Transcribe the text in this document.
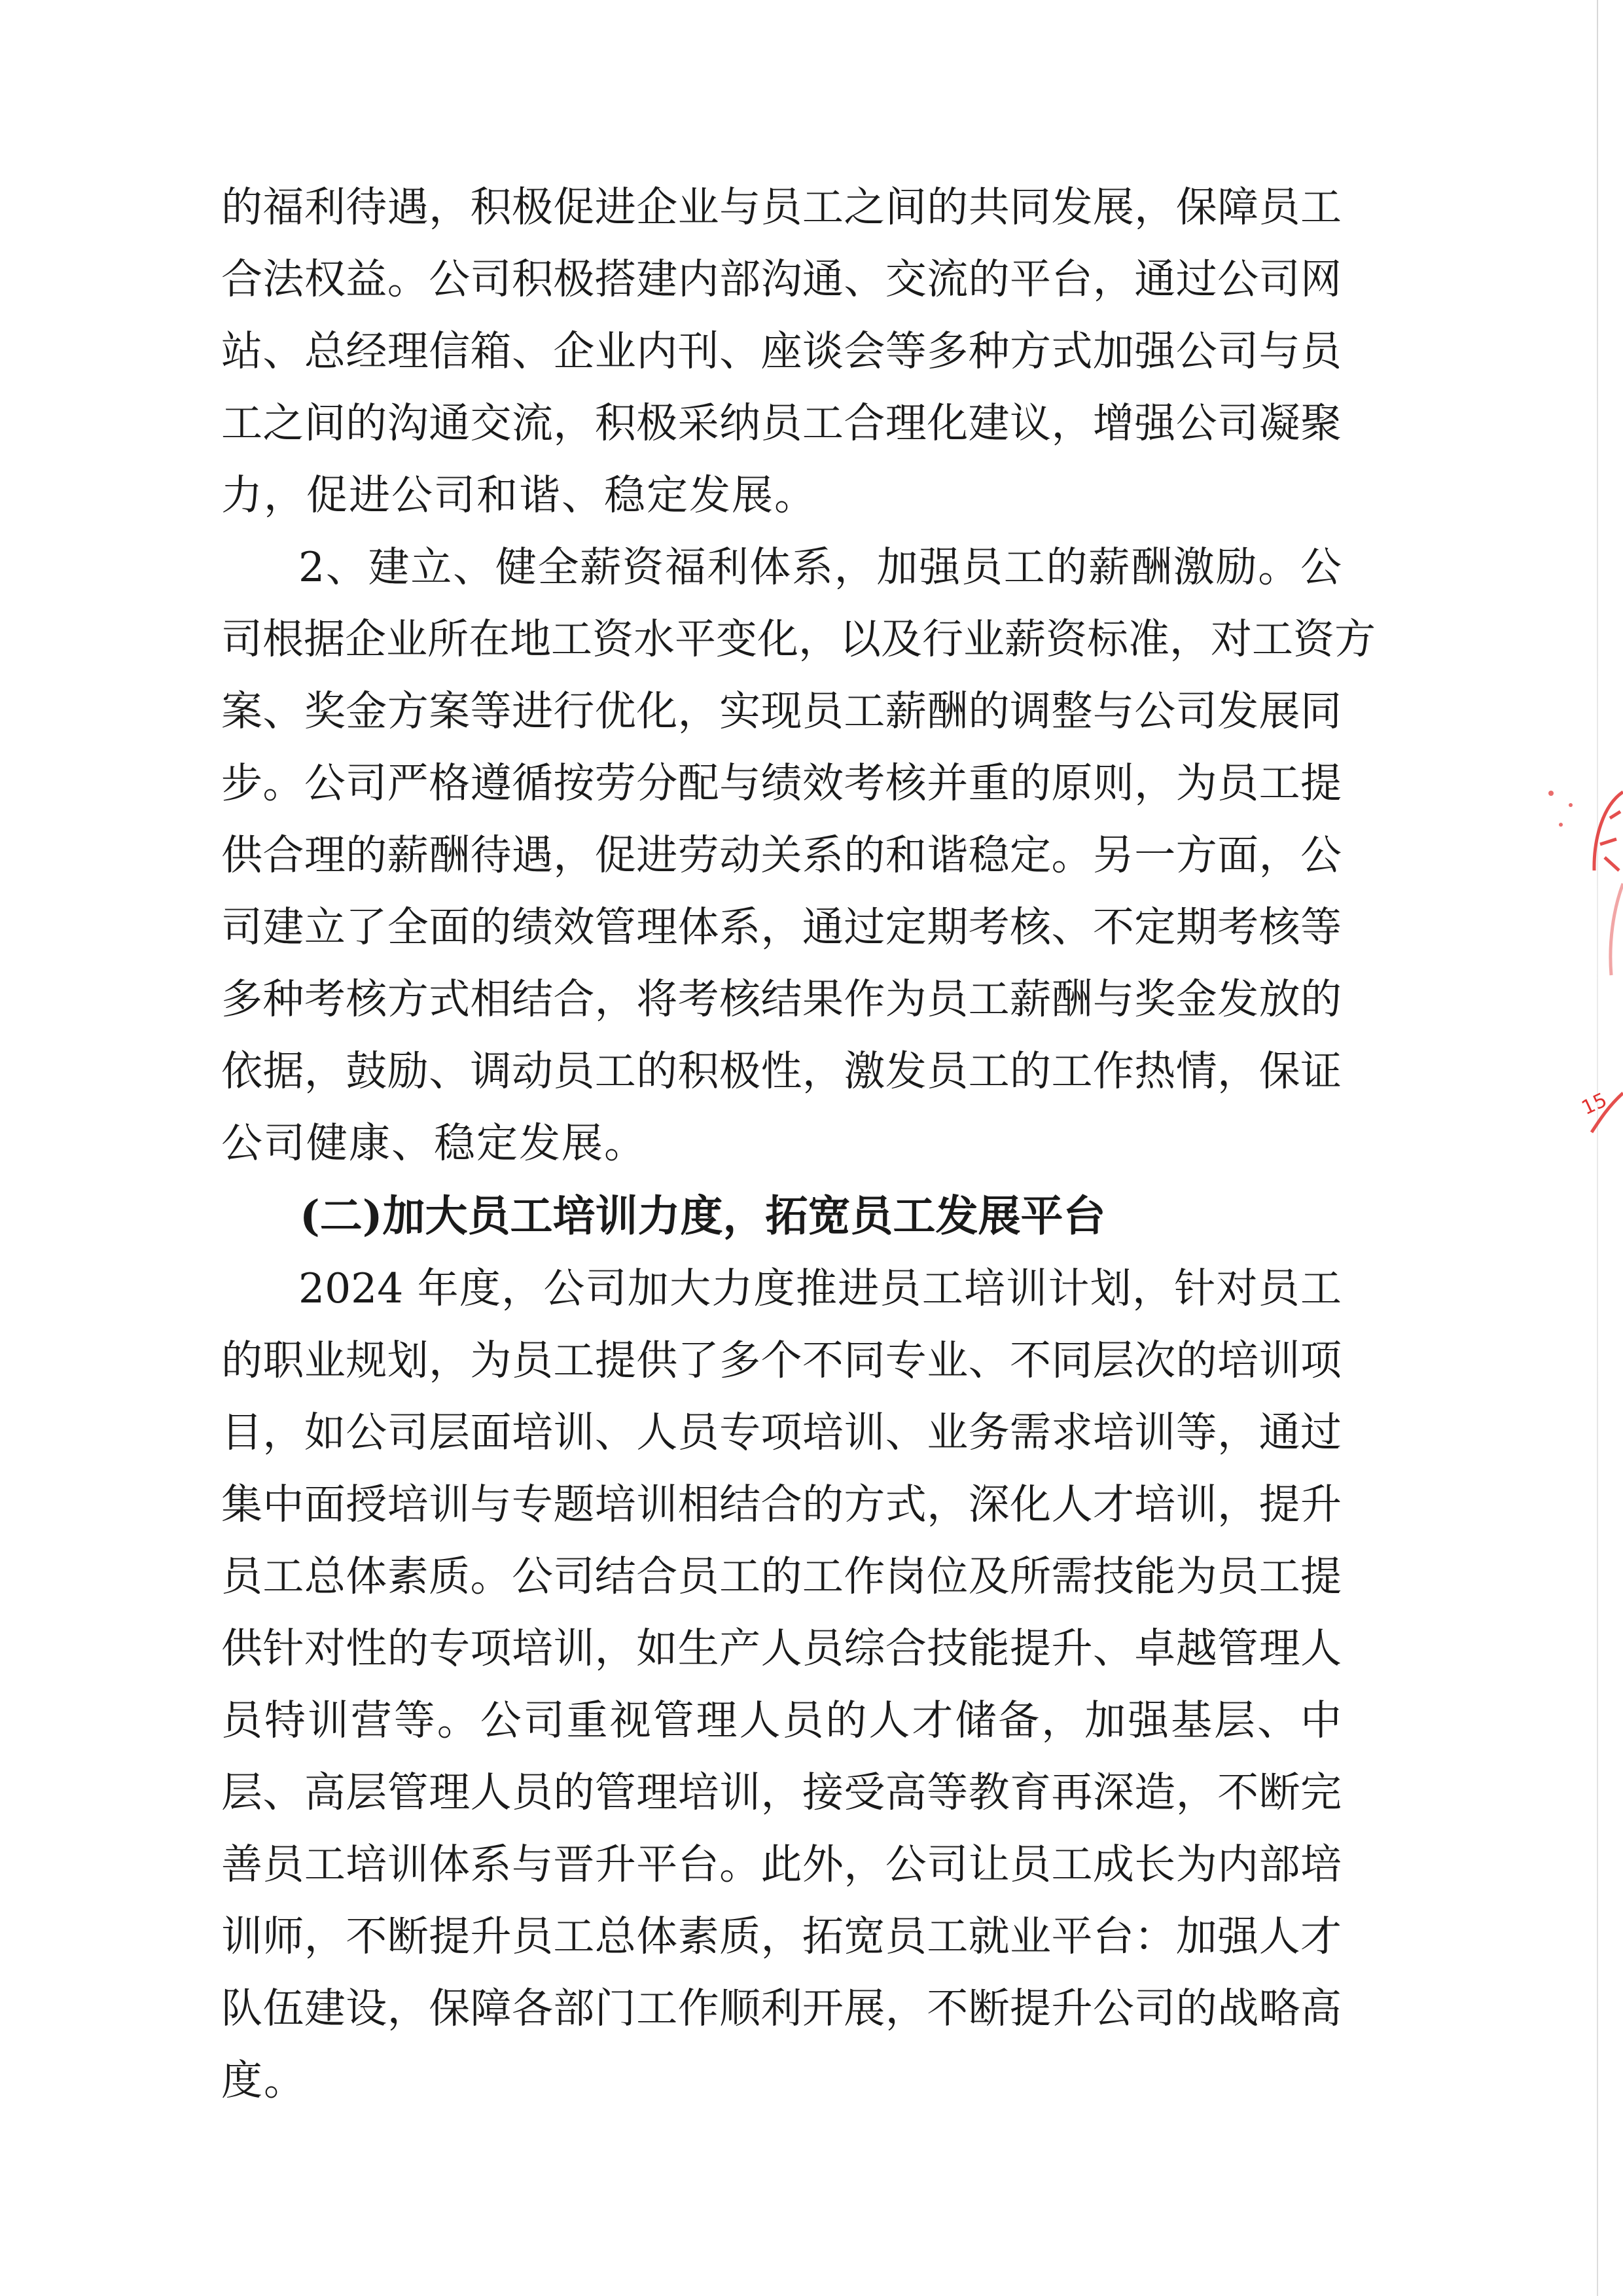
的福利待遇，积极促进企业与员工之间的共同发展，保障员工
合法权益。公司积极搭建内部沟通、交流的平台，通过公司网
站、总经理信箱、企业内刊、座谈会等多种方式加强公司与员
工之间的沟通交流，积极采纳员工合理化建议，增强公司凝聚
力，促进公司和谐、稳定发展。
2、建立、健全薪资福利体系，加强员工的薪酬激励。公
司根据企业所在地工资水平变化，以及行业薪资标准，对工资方
案、奖金方案等进行优化，实现员工薪酬的调整与公司发展同
步。公司严格遵循按劳分配与绩效考核并重的原则，为员工提
供合理的薪酬待遇，促进劳动关系的和谐稳定。另一方面，公
司建立了全面的绩效管理体系，通过定期考核、不定期考核等
多种考核方式相结合，将考核结果作为员工薪酬与奖金发放的
依据，鼓励、调动员工的积极性，激发员工的工作热情，保证
公司健康、稳定发展。
(二)加大员工培训力度，拓宽员工发展平台
2024 年度，公司加大力度推进员工培训计划，针对员工
的职业规划，为员工提供了多个不同专业、不同层次的培训项
目，如公司层面培训、人员专项培训、业务需求培训等，通过
集中面授培训与专题培训相结合的方式，深化人才培训，提升
员工总体素质。公司结合员工的工作岗位及所需技能为员工提
供针对性的专项培训，如生产人员综合技能提升、卓越管理人
员特训营等。公司重视管理人员的人才储备，加强基层、中
层、高层管理人员的管理培训，接受高等教育再深造，不断完
善员工培训体系与晋升平台。此外，公司让员工成长为内部培
训师，不断提升员工总体素质，拓宽员工就业平台：加强人才
队伍建设，保障各部门工作顺利开展，不断提升公司的战略高
度。
15
